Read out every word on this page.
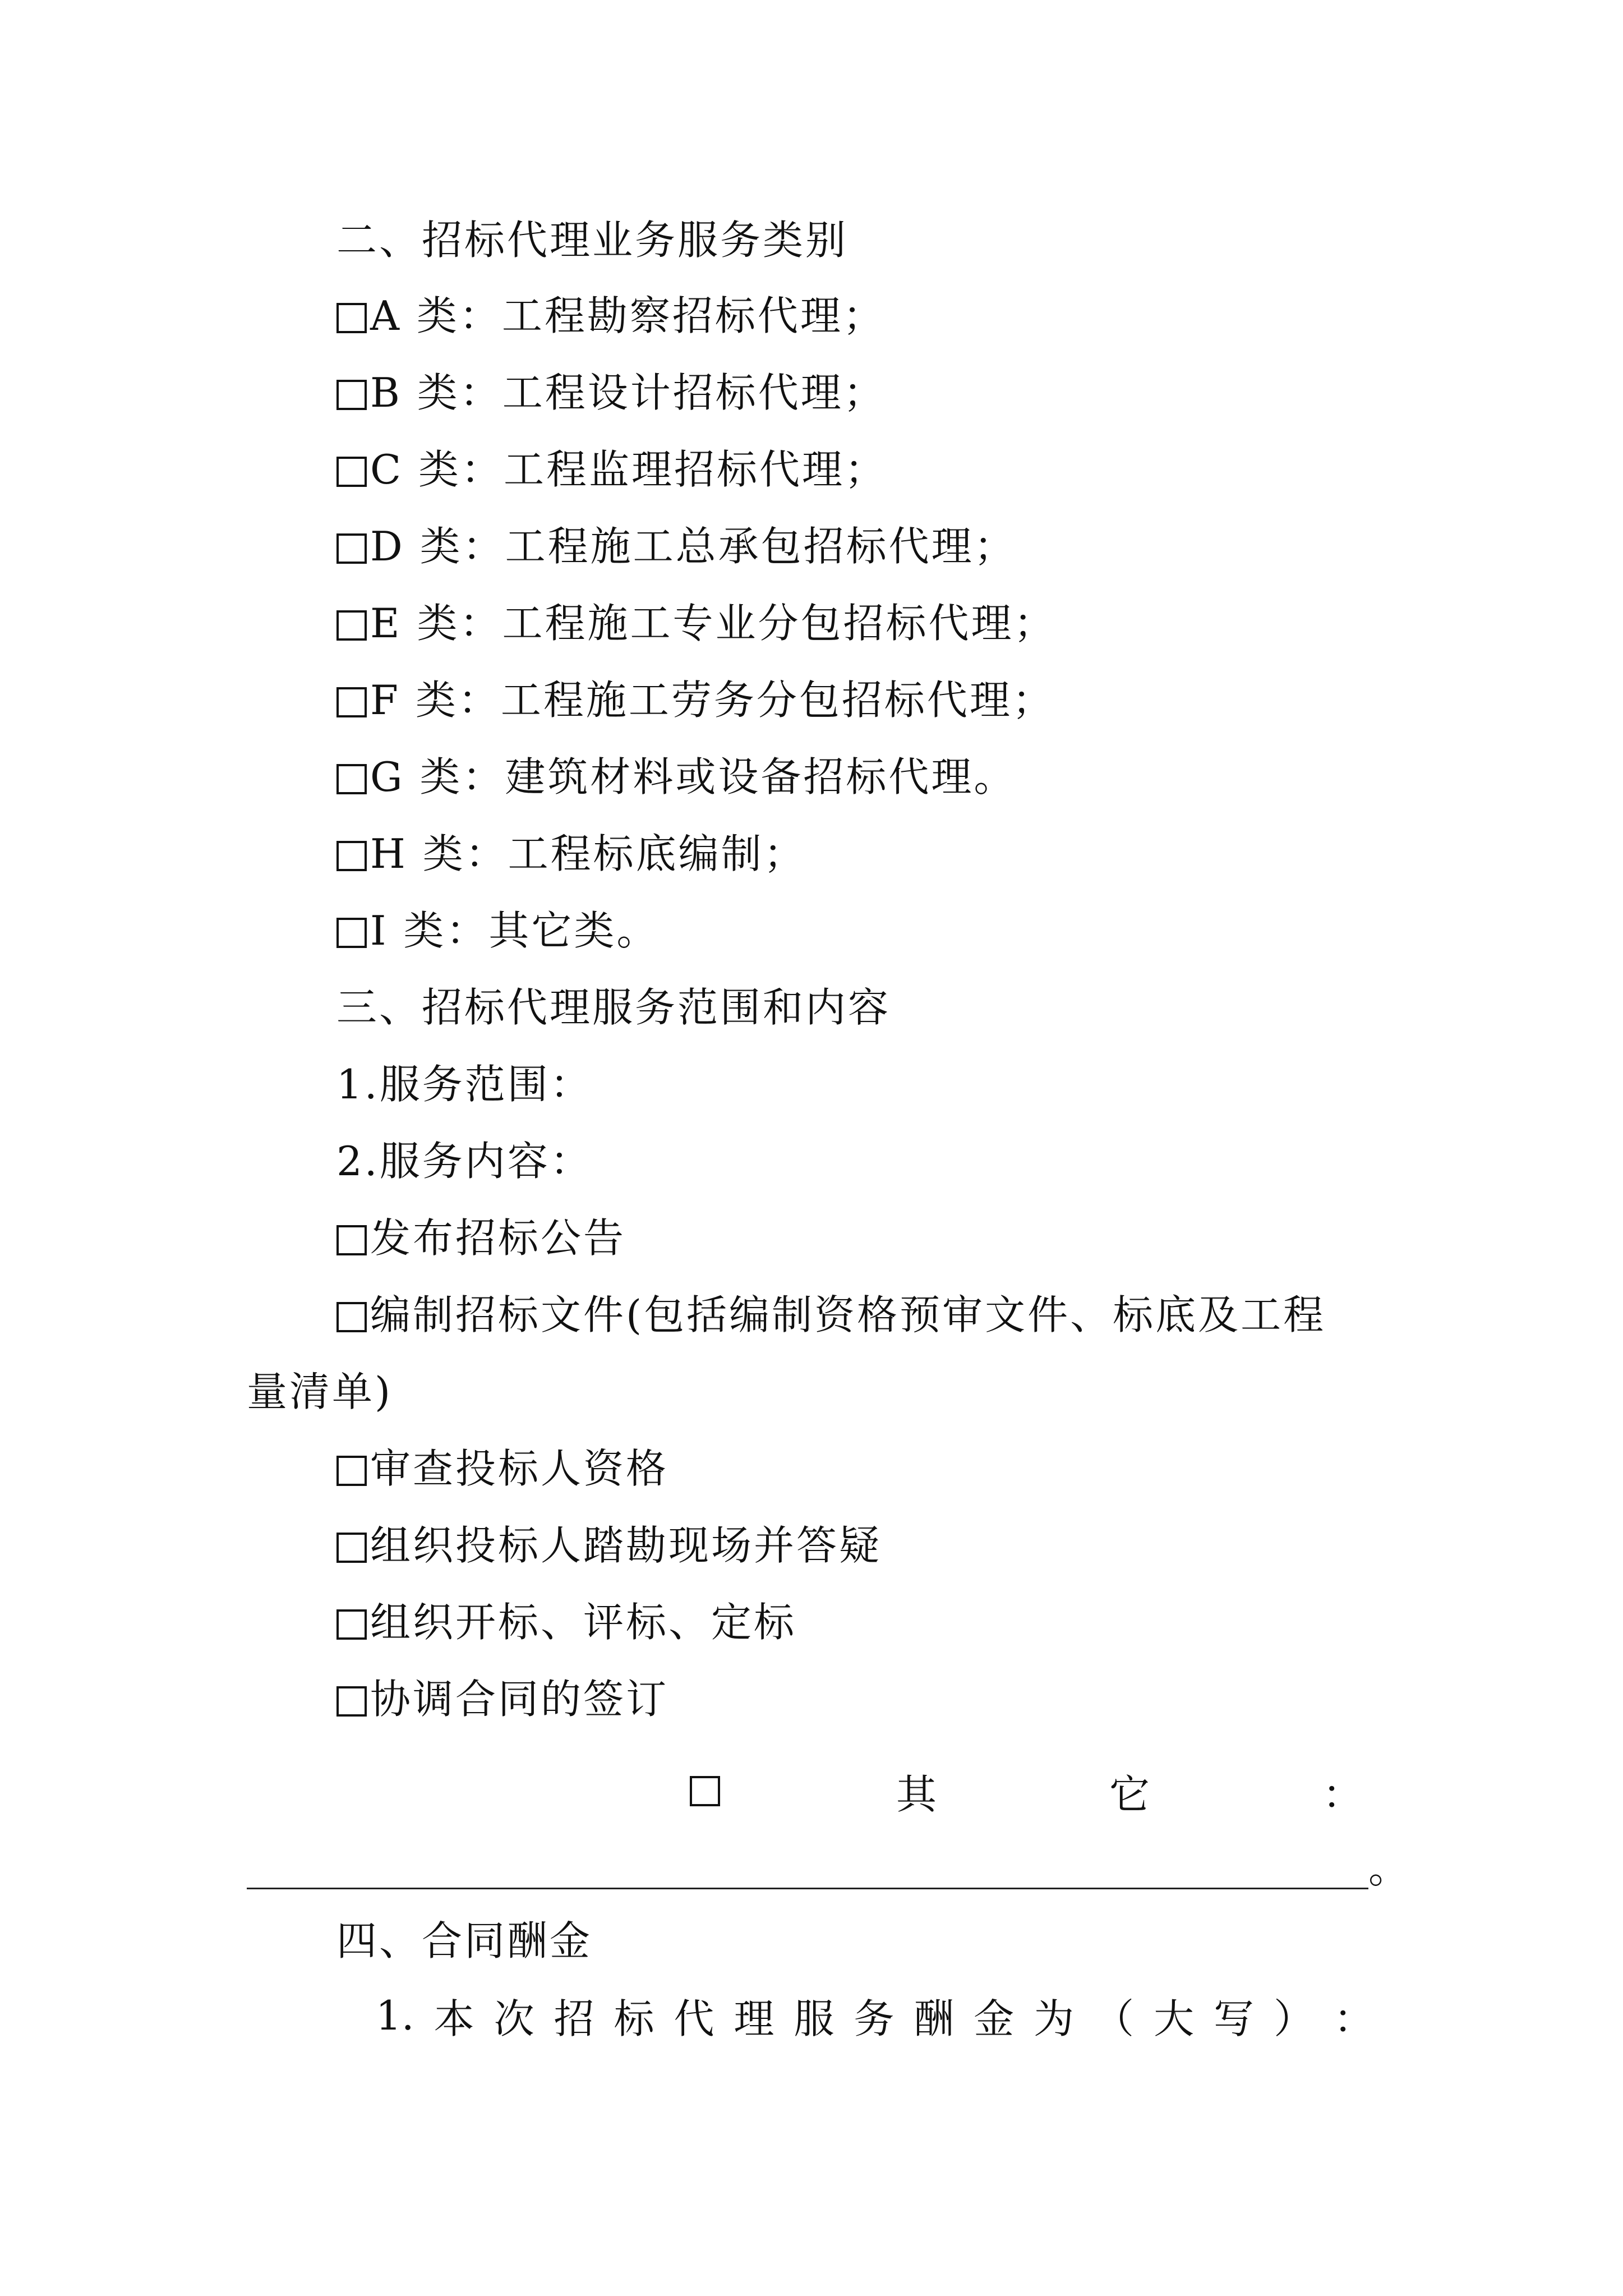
二、招标代理业务服务类别
A 类：工程勘察招标代理；
B 类：工程设计招标代理；
C 类：工程监理招标代理；
D 类：工程施工总承包招标代理；
E 类：工程施工专业分包招标代理；
F 类：工程施工劳务分包招标代理；
G 类：建筑材料或设备招标代理。
H 类：工程标底编制；
I 类：其它类。
三、招标代理服务范围和内容
1.服务范围：
2.服务内容：
发布招标公告
编制招标文件(包括编制资格预审文件、标底及工程
量清单)
审查投标人资格
组织投标人踏勘现场并答疑
组织开标、评标、定标
协调合同的签订
其	它	：
。
四、合同酬金
1. 本 次 招 标 代 理 服 务 酬 金 为 （ 大 写 ） ：
